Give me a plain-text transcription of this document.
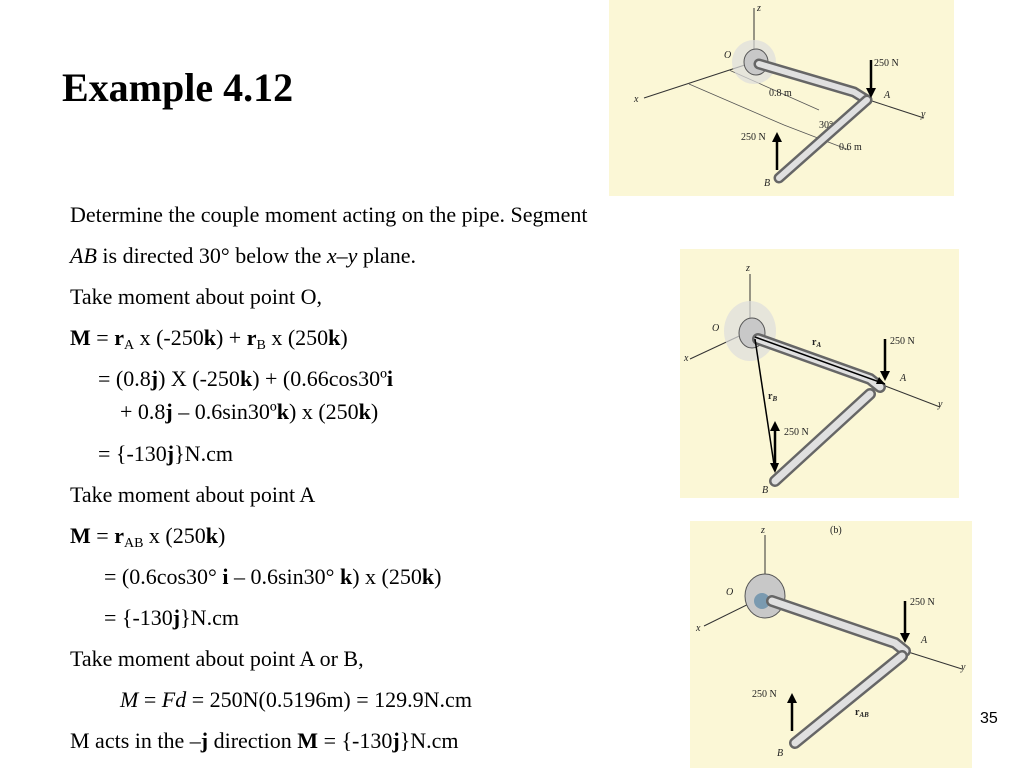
Example 4.12
z
O
x
y
A
B
250 N
250 N
0.8 m
0.6 m
30°
z
O
x
y
A
B
250 N
250 N
$r_A$
$r_B$
z
O
x
y
A
B
250 N
250 N
(b)
$r_{AB}$
Determine the couple moment acting on the pipe. Segment
AB is directed 30° below the x–y plane.
Take moment about point O,
$M = r_A$ x $(-250k) + r_B$ x (250k)
= (0.8j) X (-250k) + (0.66cos30ºi
+ 0.8j – 0.6sin30ºk) x (250k)
= {-130j}N.cm
Take moment about point A
$M = r_{AB}$ x (250k)
= (0.6cos30° i – 0.6sin30° k) x (250k)
= {-130j}N.cm
Take moment about point A or B,
M = Fd = 250N(0.5196m) = 129.9N.cm
M acts in the –j direction M = {-130j}N.cm
35
